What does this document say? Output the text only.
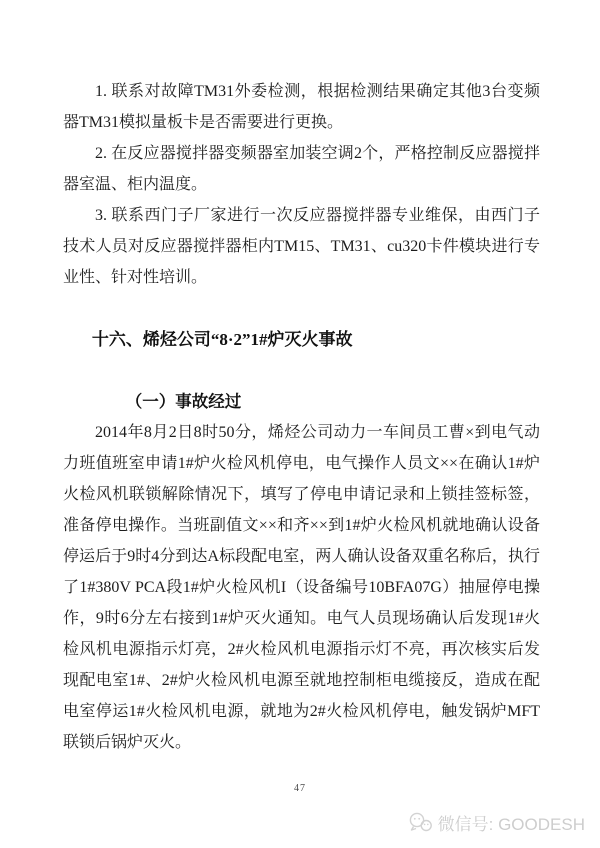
1. 联系对故障TM31外委检测，根据检测结果确定其他3台变频器TM31模拟量板卡是否需要进行更换。

2. 在反应器搅拌器变频器室加装空调2个，严格控制反应器搅拌器室温、柜内温度。

3. 联系西门子厂家进行一次反应器搅拌器专业维保，由西门子技术人员对反应器搅拌器柜内TM15、TM31、cu320卡件模块进行专业性、针对性培训。

十六、烯烃公司“8·2”1#炉灭火事故
（一）事故经过

2014年8月2日8时50分，烯烃公司动力一车间员工曹×到电气动力班值班室申请1#炉火检风机停电，电气操作人员文××在确认1#炉火检风机联锁解除情况下，填写了停电申请记录和上锁挂签标签，准备停电操作。当班副值文××和齐××到1#炉火检风机就地确认设备停运后于9时4分到达A标段配电室，两人确认设备双重名称后，执行了1#380V PCA段1#炉火检风机I（设备编号10BFA07G）抽屉停电操作，9时6分左右接到1#炉灭火通知。电气人员现场确认后发现1#火检风机电源指示灯亮，2#火检风机电源指示灯不亮，再次核实后发现配电室1#、2#炉火检风机电源至就地控制柜电缆接反，造成在配电室停运1#火检风机电源，就地为2#火检风机停电，触发锅炉MFT联锁后锅炉灭火。

47
微信号: GOODESH
